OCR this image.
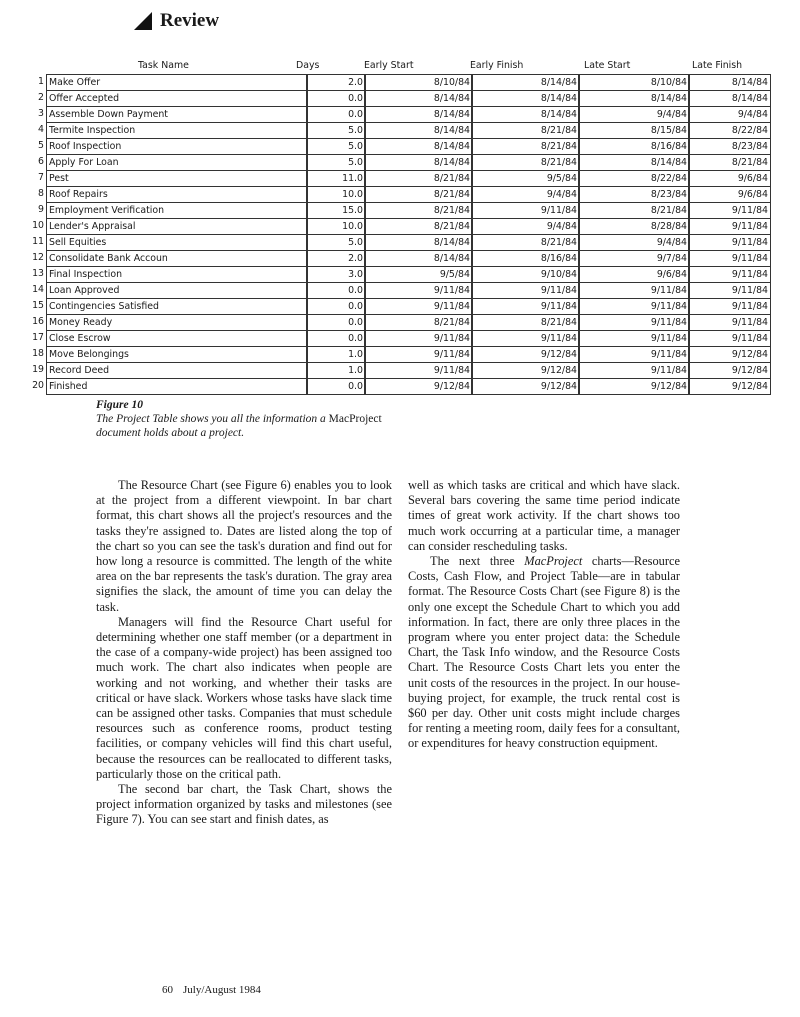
Review
Task Name	Days	Early Start	Early Finish	Late Start	Late Finish
1 Make Offer	2.0	8/10/84	8/14/84	8/10/84	8/14/84
2 Offer Accepted	0.0	8/14/84	8/14/84	8/14/84	8/14/84
3 Assemble Down Payment	0.0	8/14/84	8/14/84	9/4/84	9/4/84
4 Termite Inspection	5.0	8/14/84	8/21/84	8/15/84	8/22/84
5 Roof Inspection	5.0	8/14/84	8/21/84	8/16/84	8/23/84
6 Apply For Loan	5.0	8/14/84	8/21/84	8/14/84	8/21/84
7 Pest	11.0	8/21/84	9/5/84	8/22/84	9/6/84
8 Roof Repairs	10.0	8/21/84	9/4/84	8/23/84	9/6/84
9 Employment Verification	15.0	8/21/84	9/11/84	8/21/84	9/11/84
10 Lender's Appraisal	10.0	8/21/84	9/4/84	8/28/84	9/11/84
11 Sell Equities	5.0	8/14/84	8/21/84	9/4/84	9/11/84
12 Consolidate Bank Accoun	2.0	8/14/84	8/16/84	9/7/84	9/11/84
13 Final Inspection	3.0	9/5/84	9/10/84	9/6/84	9/11/84
14 Loan Approved	0.0	9/11/84	9/11/84	9/11/84	9/11/84
15 Contingencies Satisfied	0.0	9/11/84	9/11/84	9/11/84	9/11/84
16 Money Ready	0.0	8/21/84	8/21/84	9/11/84	9/11/84
17 Close Escrow	0.0	9/11/84	9/11/84	9/11/84	9/11/84
18 Move Belongings	1.0	9/11/84	9/12/84	9/11/84	9/12/84
19 Record Deed	1.0	9/11/84	9/12/84	9/11/84	9/12/84
20 Finished	0.0	9/12/84	9/12/84	9/12/84	9/12/84
Figure 10
The Project Table shows you all the information a MacProject document holds about a project.

The Resource Chart (see Figure 6) enables you to look at the project from a different viewpoint. In bar chart format, this chart shows all the project's resources and the tasks they're assigned to. Dates are listed along the top of the chart so you can see the task's duration and find out for how long a resource is committed. The length of the white area on the bar represents the task's duration. The gray area signifies the slack, the amount of time you can delay the task.

Managers will find the Resource Chart useful for determining whether one staff member (or a department in the case of a company-wide project) has been assigned too much work. The chart also indicates when people are working and not working, and whether their tasks are critical or have slack. Workers whose tasks have slack time can be assigned other tasks. Companies that must schedule resources such as conference rooms, product testing facilities, or company vehicles will find this chart useful, because the resources can be reallocated to different tasks, particularly those on the critical path.

The second bar chart, the Task Chart, shows the project information organized by tasks and milestones (see Figure 7). You can see start and finish dates, as

well as which tasks are critical and which have slack. Several bars covering the same time period indicate times of great work activity. If the chart shows too much work occurring at a particular time, a manager can consider rescheduling tasks.

The next three MacProject charts—Resource Costs, Cash Flow, and Project Table—are in tabular format. The Resource Costs Chart (see Figure 8) is the only one except the Schedule Chart to which you add information. In fact, there are only three places in the program where you enter project data: the Schedule Chart, the Task Info window, and the Resource Costs Chart. The Resource Costs Chart lets you enter the unit costs of the resources in the project. In our house-buying project, for example, the truck rental cost is $60 per day. Other unit costs might include charges for renting a meeting room, daily fees for a consultant, or expenditures for heavy construction equipment.

60 July/August 1984
